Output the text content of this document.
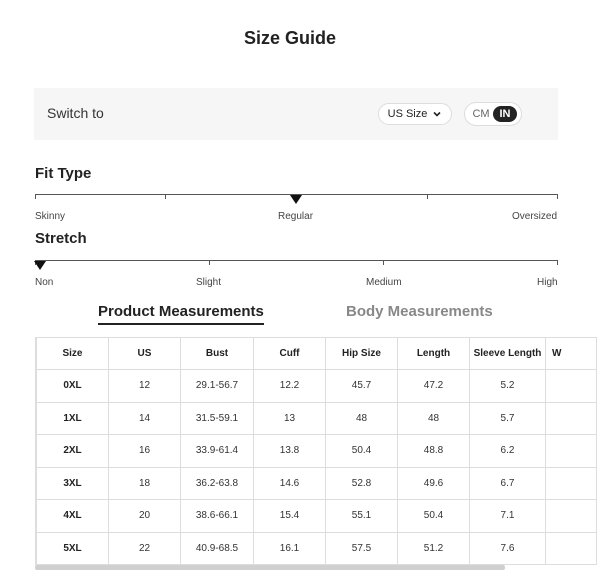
Size Guide
Switch to	US Size	CM IN
Fit Type
Skinny	Regular	Oversized
Stretch
Non	Slight	Medium	High
Product Measurements	Body Measurements
Size	US	Bust	Cuff	Hip Size	Length	Sleeve Length	W
0XL	12	29.1-56.7	12.2	45.7	47.2	5.2	
1XL	14	31.5-59.1	13	48	48	5.7	
2XL	16	33.9-61.4	13.8	50.4	48.8	6.2	
3XL	18	36.2-63.8	14.6	52.8	49.6	6.7	
4XL	20	38.6-66.1	15.4	55.1	50.4	7.1	
5XL	22	40.9-68.5	16.1	57.5	51.2	7.6	
